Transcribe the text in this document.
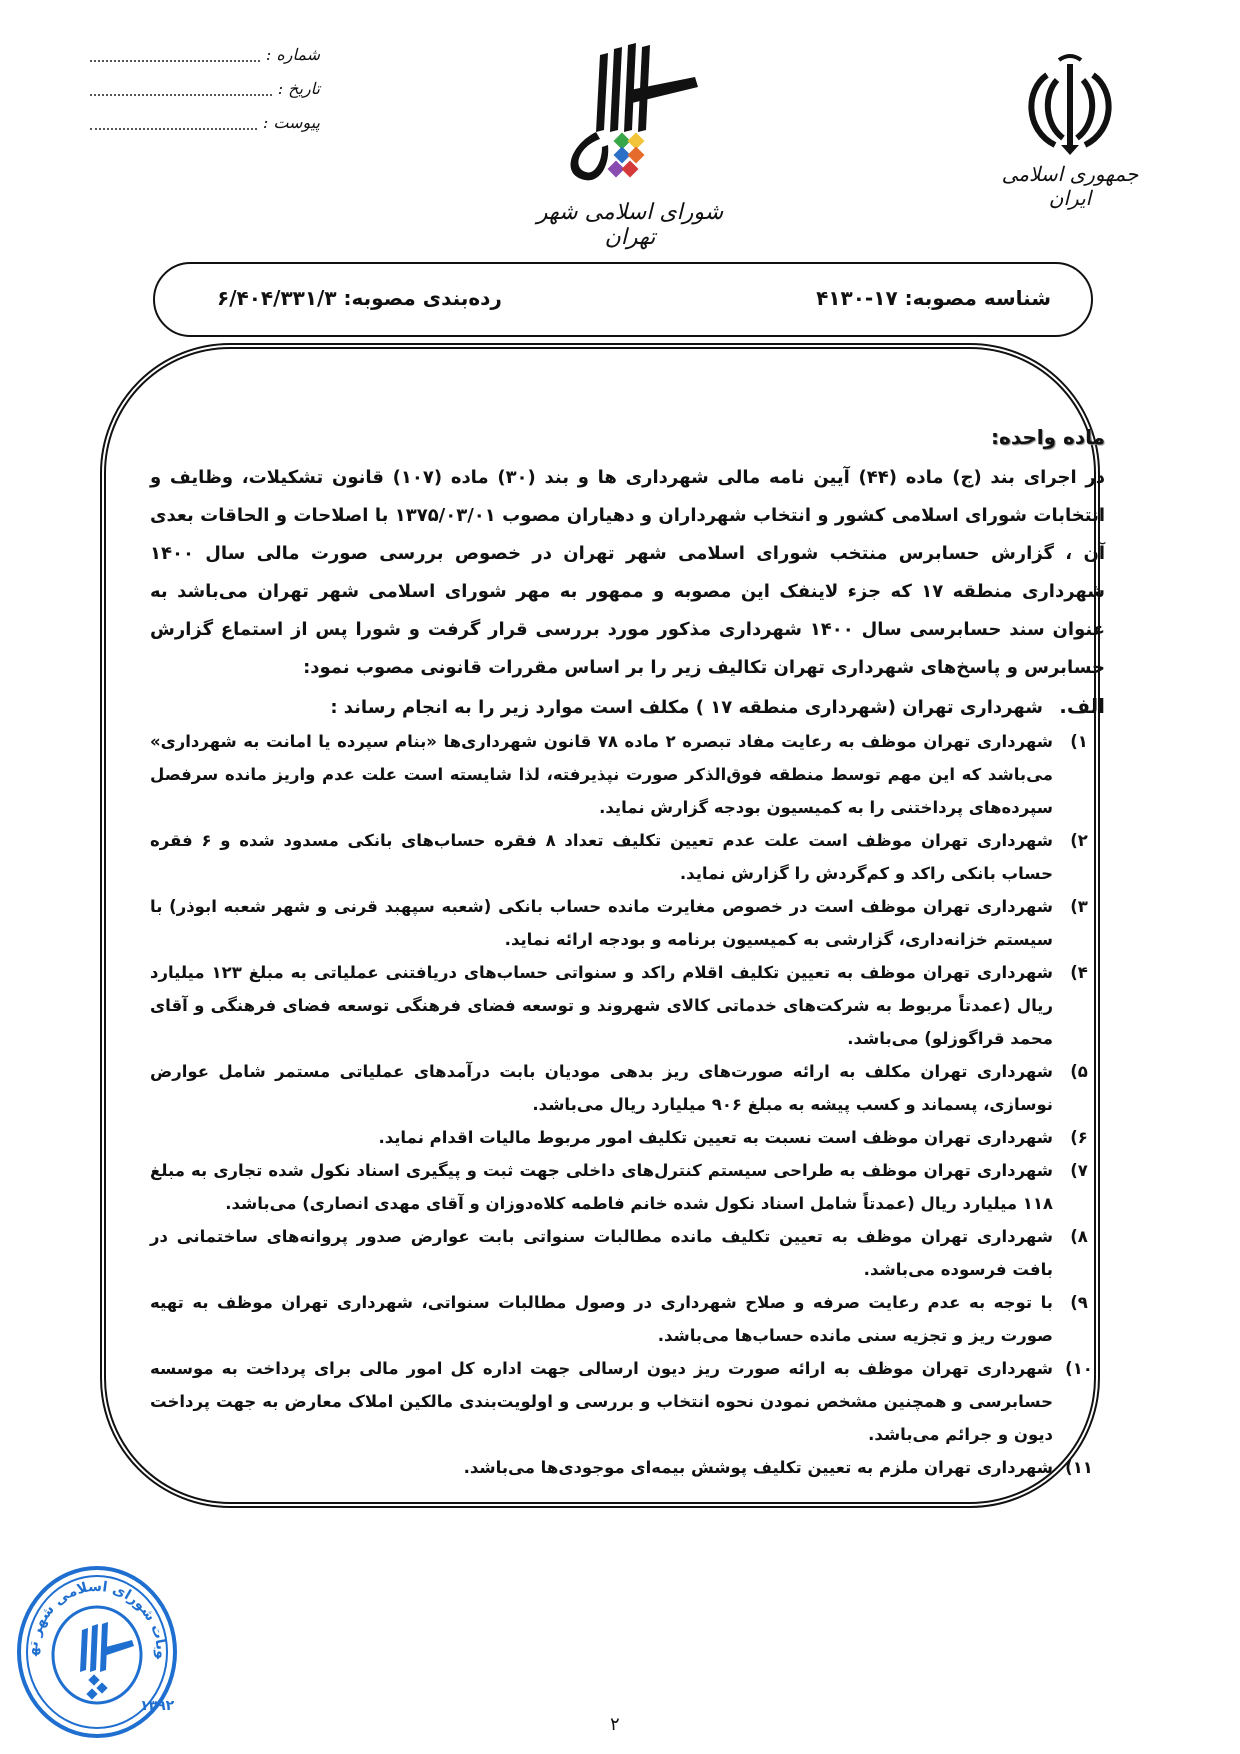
شماره :
تاریخ :
پیوست :
شورای اسلامی شهر تهران
جمهوری اسلامی ایران
شناسه مصوبه: ۱۷-۴۱۳۰
رده‌بندی مصوبه: ۶/۴۰۴/۳۳۱/۳
ماده واحده:

در اجرای بند (ج) ماده (۴۴) آیین نامه مالی شهرداری ها و بند (۳۰) ماده (۱۰۷) قانون تشکیلات، وظایف و انتخابات شورای اسلامی کشور و انتخاب شهرداران و دهیاران مصوب ۱۳۷۵/۰۳/۰۱ با اصلاحات و الحاقات بعدی آن ، گزارش حسابرس منتخب شورای اسلامی شهر تهران در خصوص بررسی صورت مالی سال ۱۴۰۰ شهرداری منطقه ۱۷ که جزء لاینفک این مصوبه و ممهور به مهر شورای اسلامی شهر تهران می‌باشد به عنوان سند حسابرسی سال ۱۴۰۰ شهرداری مذکور مورد بررسی قرار گرفت و شورا پس از استماع گزارش حسابرس و پاسخ‌های شهرداری تهران تکالیف زیر را بر اساس مقررات قانونی مصوب نمود:

الف. شهرداری تهران (شهرداری منطقه ۱۷ ) مکلف است موارد زیر را به انجام رساند :
۱)
شهرداری تهران موظف به رعایت مفاد تبصره ۲ ماده ۷۸ قانون شهرداری‌ها «بنام سپرده یا امانت به شهرداری» می‌باشد که این مهم توسط منطقه فوق‌الذکر صورت نپذیرفته، لذا شایسته است علت عدم واریز مانده سرفصل سپرده‌های پرداختنی را به کمیسیون بودجه گزارش نماید.
۲)
شهرداری تهران موظف است علت عدم تعیین تکلیف تعداد ۸ فقره حساب‌های بانکی مسدود شده و ۶ فقره حساب بانکی راکد و کم‌گردش را گزارش نماید.
۳)
شهرداری تهران موظف است در خصوص مغایرت مانده حساب بانکی (شعبه سپهبد قرنی و شهر شعبه ابوذر) با سیستم خزانه‌داری، گزارشی به کمیسیون برنامه و بودجه ارائه نماید.
۴)
شهرداری تهران موظف به تعیین تکلیف اقلام راکد و سنواتی حساب‌های دریافتنی عملیاتی به مبلغ ۱۲۳ میلیارد ریال (عمدتاً مربوط به شرکت‌های خدماتی کالای شهروند و توسعه فضای فرهنگی توسعه فضای فرهنگی و آقای محمد قراگوزلو) می‌باشد.
۵)
شهرداری تهران مکلف به ارائه صورت‌های ریز بدهی مودیان بابت درآمدهای عملیاتی مستمر شامل عوارض نوسازی، پسماند و کسب پیشه به مبلغ ۹۰۶ میلیارد ریال می‌باشد.
۶)
شهرداری تهران موظف است نسبت به تعیین تکلیف امور مربوط مالیات اقدام نماید.
۷)
شهرداری تهران موظف به طراحی سیستم کنترل‌های داخلی جهت ثبت و پیگیری اسناد نکول شده تجاری به مبلغ ۱۱۸ میلیارد ریال (عمدتاً شامل اسناد نکول شده خانم فاطمه کلاه‌دوزان و آقای مهدی انصاری) می‌باشد.
۸)
شهرداری تهران موظف به تعیین تکلیف مانده مطالبات سنواتی بابت عوارض صدور پروانه‌های ساختمانی در بافت فرسوده می‌باشد.
۹)
با توجه به عدم رعایت صرفه و صلاح شهرداری در وصول مطالبات سنواتی، شهرداری تهران موظف به تهیه صورت ریز و تجزیه سنی مانده حساب‌ها می‌باشد.
۱۰)
شهرداری تهران موظف به ارائه صورت ریز دیون ارسالی جهت اداره کل امور مالی برای پرداخت به موسسه حسابرسی و همچنین مشخص نمودن نحوه انتخاب و بررسی و اولویت‌بندی مالکین املاک معارض به جهت پرداخت دیون و جرائم می‌باشد.
۱۱)
شهرداری تهران ملزم به تعیین تکلیف پوشش بیمه‌ای موجودی‌ها می‌باشد.
وبات شورای اسلامی شهر ته
۱۳۹۲
۲
